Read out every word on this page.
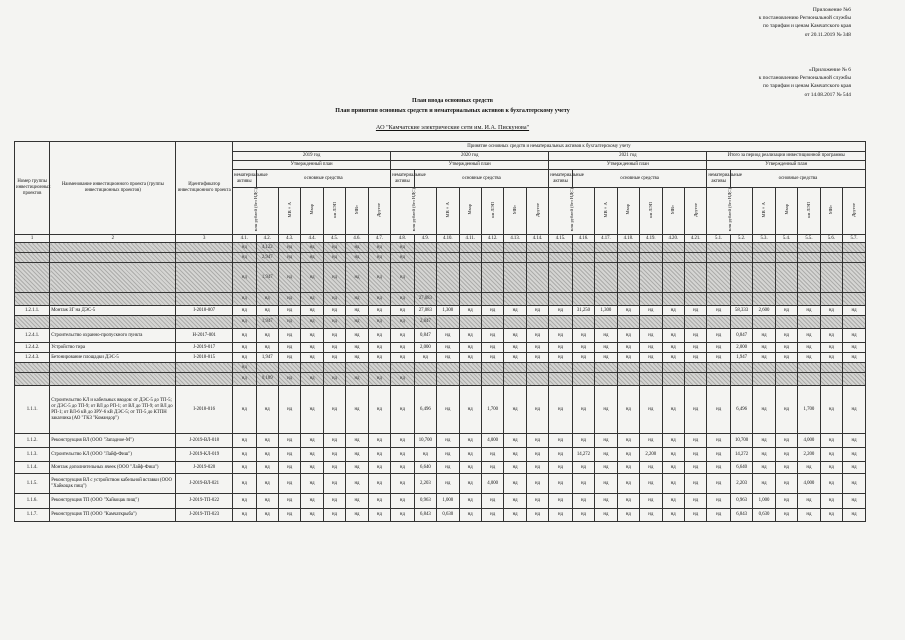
Приложение №6
к постановлению Региональной службы
по тарифам и ценам Камчатского края
от 20.11.2019 № 348
«Приложение № 6
к постановлению Региональной службы
по тарифам и ценам Камчатского края
от 14.08.2017 № 544
План ввода основных средств
План принятия основных средств и нематериальных активов к бухгалтерскому учету
АО "Камчатские электрические сети им. И.А. Пискунова"
Номер группы инвестиционных проектов	Наименование инвестиционного проекта (группы инвестиционных проектов)	Идентификатор инвестиционного проекта	Принятие основных средств и нематериальных активов к бухгалтерскому учету																											
			2019 год							2020 год							2021 год							Итого за период реализации инвестиционной программы						
			Утвержденный план							Утвержденный план							Утвержденный план							Утвержденный план						
			нематериальные активы	основные средства						нематериальные активы	основные средства						нематериальные активы	основные средства						нематериальные активы	основные средства					
			млн рублей (без НДС)		МВ×А	Мвар	км ЛЭП	МВт	Другое	млн рублей (без НДС)		МВ×А	Мвар	км ЛЭП	МВт	Другое	млн рублей (без НДС)		МВ×А	Мвар	км ЛЭП	МВт	Другое	млн рублей (без НДС)		МВ×А	Мвар	км ЛЭП	МВт	Другое
1	2	3	4.1.	4.2.	4.3.	4.4.	4.5.	4.6.	4.7.	4.8.	4.9.	4.10.	4.11.	4.12.	4.13.	4.14.	4.15.	4.16.	4.17.	4.18.	4.19.	4.20.	4.21.	5.1.	5.2.	5.3.	5.4.	5.5.	5.6.	5.7.
			нд	4,122	нд	нд	нд	нд	нд	нд																				
			нд	2,947	нд	нд	нд	нд	нд	нд																				
			нд	1,947	нд	нд	нд	нд	нд	нд																				
			нд	нд	нд	нд	нд	нд	нд	нд	27,083																			
1.2.1.1.	Монтаж ЗГ на ДЭС-5	I-2018-007	нд	нд	нд	нд	нд	нд	нд	нд	27,083	1,300	нд	нд	нд	нд	нд	31,250	1,300	нд	нд	нд	нд	нд	58,333	2,600	нд	нд	нд	нд
			нд	1,947	нд	нд	нд	нд	нд	нд	2,847																			
1.2.4.1.	Строительство охранно-пропускного пункта	H-2017-001	нд	нд	нд	нд	нд	нд	нд	нд	0,847	нд	нд	нд	нд	нд	нд	нд	нд	нд	нд	нд	нд	нд	0,847	нд	нд	нд	нд	нд
1.2.4.2.	Устройство тира	J-2019-017	нд	нд	нд	нд	нд	нд	нд	нд	2,000	нд	нд	нд	нд	нд	нд	нд	нд	нд	нд	нд	нд	нд	2,000	нд	нд	нд	нд	нд
1.2.4.3.	Бетонирование площадки ДЭС-5	I-2018-015	нд	1,947	нд	нд	нд	нд	нд	нд	нд	нд	нд	нд	нд	нд	нд	нд	нд	нд	нд	нд	нд	нд	1,947	нд	нд	нд	нд	нд
			нд																											
			нд	0,189	нд	нд	нд	нд	нд	нд																				
1.1.1.	Строительство КЛ и кабельных вводов: от ДЭС-5 до ТП-5; от ДЭС-5 до ТП-9; от ВЛ до РП-1; от ВЛ до ТП-9; от ВЛ до РП-1; от ВЛ-6 кВ до ЗРУ-6 кВ ДЭС-5; от ТП-5 до КТПН заказчика (АО "ГКЗ "Командор")	I-2018-016	нд	нд	нд	нд	нд	нд	нд	нд	6,496	нд	нд	1,700	нд	нд	нд	нд	нд	нд	нд	нд	нд	нд	6,496	нд	нд	1,700	нд	нд
1.1.2.	Реконструкция ВЛ (ООО "Западное-М")	J-2019-ВЛ-018	нд	нд	нд	нд	нд	нд	нд	нд	10,700	нд	нд	4,000	нд	нд	нд	нд	нд	нд	нд	нд	нд	нд	10,700	нд	нд	4,000	нд	нд
1.1.3.	Строительство КЛ (ООО "Лайф-Фиш")	J-2019-КЛ-019	нд	нд	нд	нд	нд	нд	нд	нд	нд	нд	нд	нд	нд	нд	нд	14,272	нд	нд	2,200	нд	нд	нд	14,272	нд	нд	2,200	нд	нд
1.1.4.	Монтаж дополнительных ячеек (ООО "Лайф-Фиш")	J-2019-020	нд	нд	нд	нд	нд	нд	нд	нд	6,640	нд	нд	нд	нд	нд	нд	нд	нд	нд	нд	нд	нд	нд	6,640	нд	нд	нд	нд	нд
1.1.5.	Реконструкция ВЛ с устройством кабельной вставки (ООО "Хайкоцак пищ")	J-2019-ВЛ-021	нд	нд	нд	нд	нд	нд	нд	нд	2,203	нд	нд	4,000	нд	нд	нд	нд	нд	нд	нд	нд	нд	нд	2,203	нд	нд	4,000	нд	нд
1.1.6.	Реконструкция ТП (ООО "Хайкоцак пищ")	J-2019-ТП-022	нд	нд	нд	нд	нд	нд	нд	нд	0,963	1,000	нд	нд	нд	нд	нд	нд	нд	нд	нд	нд	нд	нд	0,963	1,000	нд	нд	нд	нд
1.1.7.	Реконструкция ТП (ООО "Камчаткрыба")	J-2019-ТП-023	нд	нд	нд	нд	нд	нд	нд	нд	6,843	0,630	нд	нд	нд	нд	нд	нд	нд	нд	нд	нд	нд	нд	6,843	0,630	нд	нд	нд	нд
